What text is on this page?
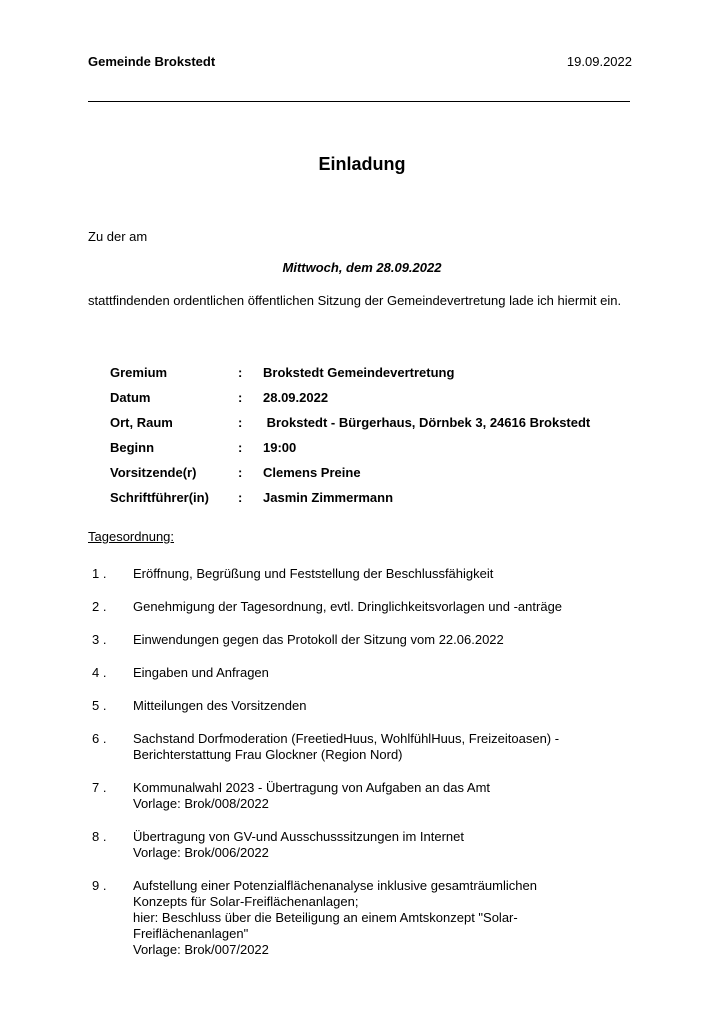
Gemeinde Brokstedt	19.09.2022
Einladung
Zu der am
Mittwoch, dem 28.09.2022
stattfindenden ordentlichen öffentlichen Sitzung der Gemeindevertretung lade ich hiermit ein.
Gremium	:	Brokstedt Gemeindevertretung
Datum	:	28.09.2022
Ort, Raum	:	Brokstedt - Bürgerhaus, Dörnbek 3, 24616 Brokstedt
Beginn	:	19:00
Vorsitzende(r)	:	Clemens Preine
Schriftführer(in)	:	Jasmin Zimmermann
Tagesordnung:
1 .	Eröffnung, Begrüßung und Feststellung der Beschlussfähigkeit
2 .	Genehmigung der Tagesordnung, evtl. Dringlichkeitsvorlagen und -anträge
3 .	Einwendungen gegen das Protokoll der Sitzung vom 22.06.2022
4 .	Eingaben und Anfragen
5 .	Mitteilungen des Vorsitzenden
6 .	Sachstand Dorfmoderation (FreetiedHuus, WohlfühlHuus, Freizeitoasen) -
Berichterstattung Frau Glockner (Region Nord)
7 .	Kommunalwahl 2023 - Übertragung von Aufgaben an das Amt
Vorlage: Brok/008/2022
8 .	Übertragung von GV-und Ausschusssitzungen im Internet
Vorlage: Brok/006/2022
9 .	Aufstellung einer Potenzialflächenanalyse inklusive gesamträumlichen
Konzepts für Solar-Freiflächenanlagen;
hier: Beschluss über die Beteiligung an einem Amtskonzept "Solar-
Freiflächenanlagen"
Vorlage: Brok/007/2022
